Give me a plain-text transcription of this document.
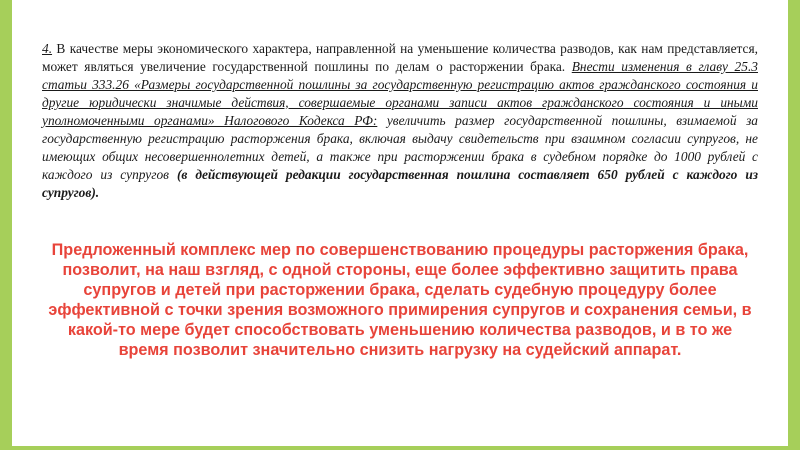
4. В качестве меры экономического характера, направленной на уменьшение количества разводов, как нам представляется, может являться увеличение государственной пошлины по делам о расторжении брака. Внести изменения в главу 25.3 статьи 333.26 «Размеры государственной пошлины за государственную регистрацию актов гражданского состояния и другие юридически значимые действия, совершаемые органами записи актов гражданского состояния и иными уполномоченными органами» Налогового Кодекса РФ: увеличить размер государственной пошлины, взимаемой за государственную регистрацию расторжения брака, включая выдачу свидетельств при взаимном согласии супругов, не имеющих общих несовершеннолетних детей, а также при расторжении брака в судебном порядке до 1000 рублей с каждого из супругов (в действующей редакции государственная пошлина составляет 650 рублей с каждого из супругов).

Предложенный комплекс мер по совершенствованию процедуры расторжения брака, позволит, на наш взгляд, с одной стороны, еще более эффективно защитить права супругов и детей при расторжении брака, сделать судебную процедуру более эффективной с точки зрения возможного примирения супругов и сохранения семьи, в какой-то мере будет способствовать уменьшению количества разводов, и в то же время позволит значительно снизить нагрузку на судейский аппарат.
